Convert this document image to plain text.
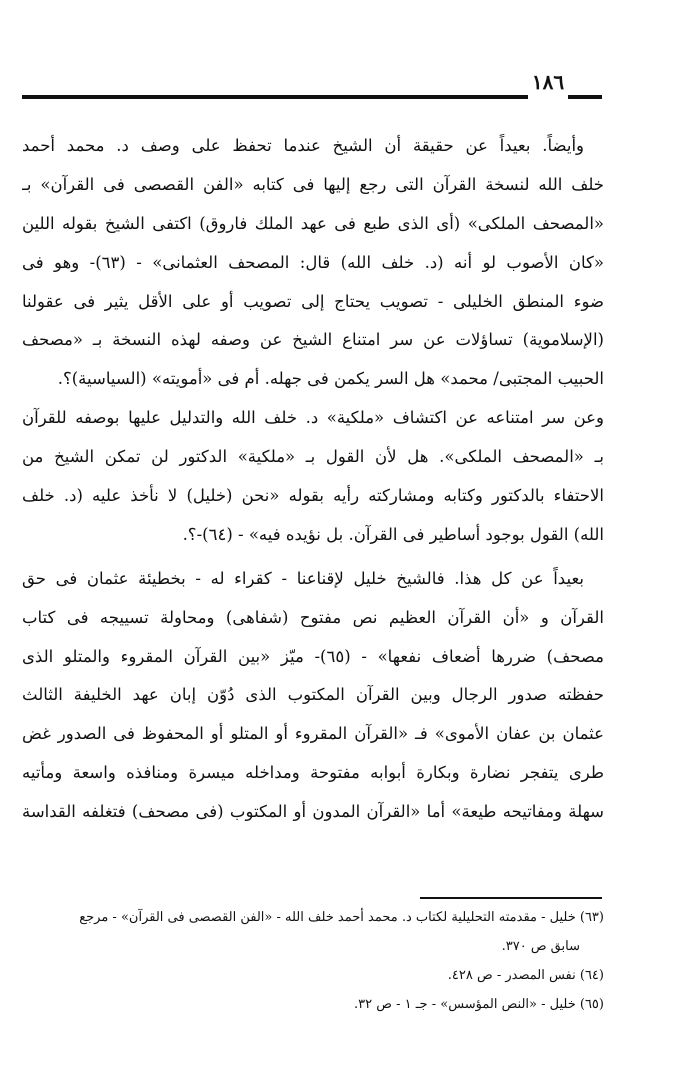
١٨٦
وأيضاً. بعيداً عن حقيقة أن الشيخ عندما تحفظ على وصف د. محمد أحمد
خلف الله لنسخة القرآن التى رجع إليها فى كتابه «الفن القصصى فى القرآن» بـ
«المصحف الملكى» (أى الذى طبع فى عهد الملك فاروق) اكتفى الشيخ بقوله اللين
«كان الأصوب لو أنه (د. خلف الله) قال: المصحف العثمانى» - (٦٣)- وهو فى
ضوء المنطق الخليلى - تصويب يحتاج إلى تصويب أو على الأقل يثير فى عقولنا
(الإسلاموية) تساؤلات عن سر امتناع الشيخ عن وصفه لهذه النسخة بـ «مصحف
الحبيب المجتبى/ محمد» هل السر يكمن فى جهله. أم فى «أمويته» (السياسية)؟.
وعن سر امتناعه عن اكتشاف «ملكية» د. خلف الله والتدليل عليها بوصفه للقرآن
بـ «المصحف الملكى». هل لأن القول بـ «ملكية» الدكتور لن تمكن الشيخ من
الاحتفاء بالدكتور وكتابه ومشاركته رأيه بقوله «نحن (خليل) لا نأخذ عليه (د. خلف
الله) القول بوجود أساطير فى القرآن. بل نؤيده فيه» - (٦٤)-؟.
بعيداً عن كل هذا. فالشيخ خليل لإقناعنا - كقراء له - بخطيئة عثمان فى حق
القرآن و «أن القرآن العظيم نص مفتوح (شفاهى) ومحاولة تسييجه فى كتاب
مصحف) ضررها أضعاف نفعها» - (٦٥)- ميّز «بين القرآن المقروء والمتلو الذى
حفظته صدور الرجال وبين القرآن المكتوب الذى دُوّن إبان عهد الخليفة الثالث
عثمان بن عفان الأموى» فـ «القرآن المقروء أو المتلو أو المحفوظ فى الصدور غض
طرى يتفجر نضارة وبكارة أبوابه مفتوحة ومداخله ميسرة ومنافذه واسعة ومأتيه
سهلة ومفاتيحه طيعة» أما «القرآن المدون أو المكتوب (فى مصحف) فتغلفه القداسة
(٦٣) خليل - مقدمته التحليلية لكتاب د. محمد أحمد خلف الله - «الفن القصصى فى القرآن» - مرجع
سابق ص ٣٧٠.
(٦٤) نفس المصدر - ص ٤٢٨.
(٦٥) خليل - «النص المؤسس» - جـ ١ - ص ٣٢.
